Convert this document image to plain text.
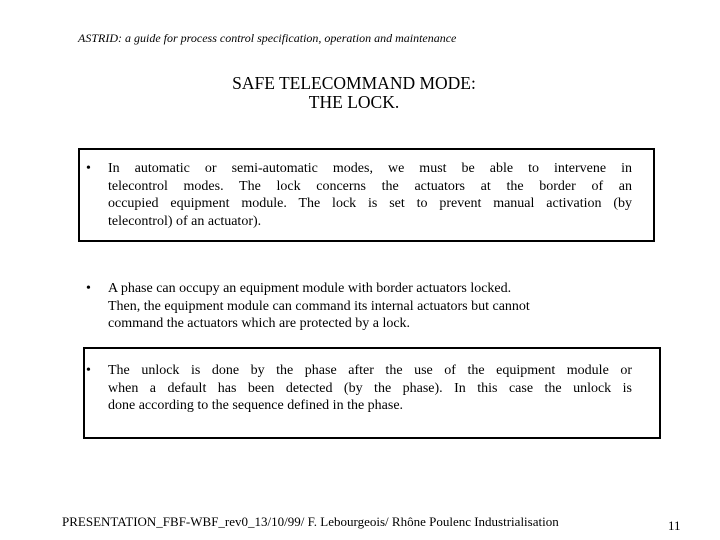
ASTRID: a guide for process control specification, operation and maintenance
SAFE TELECOMMAND MODE:
THE LOCK.
• In automatic or semi-automatic modes, we must be able to intervene in
telecontrol modes. The lock concerns the actuators at the border of an
occupied equipment module. The lock is set to prevent manual activation (by
telecontrol) of an actuator).
• A phase can occupy an equipment module with border actuators locked.
Then, the equipment module can command its internal actuators but cannot
command the actuators which are protected by a lock.
• The unlock is done by the phase after the use of the equipment module or
when a default has been detected (by the phase). In this case the unlock is
done according to the sequence defined in the phase.
PRESENTATION_FBF-WBF_rev0_13/10/99/ F. Lebourgeois/ Rhône Poulenc Industrialisation	11
